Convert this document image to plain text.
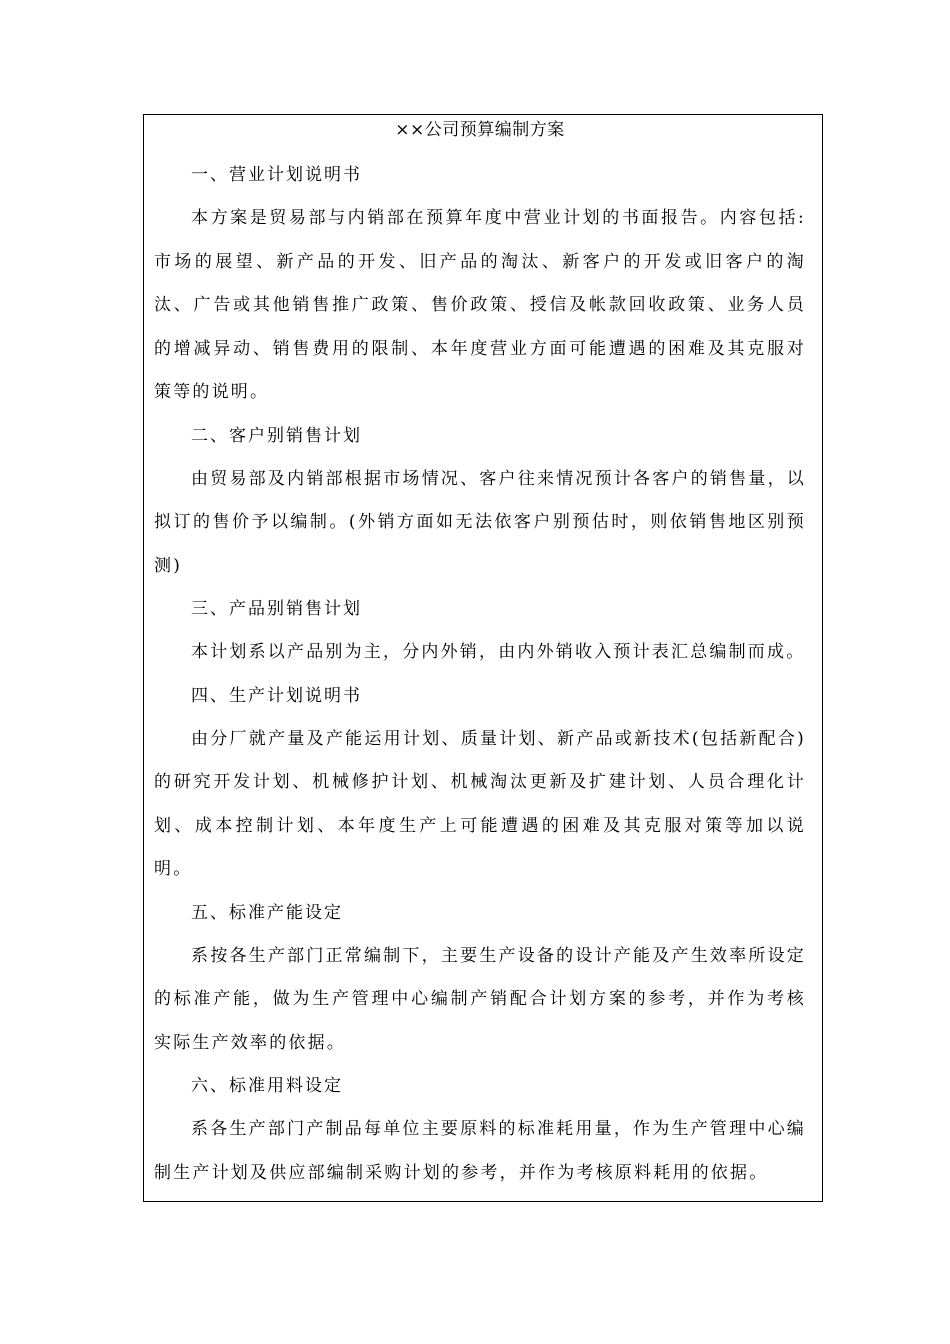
××公司预算编制方案

一、营业计划说明书

本方案是贸易部与内销部在预算年度中营业计划的书面报告。内容包括:市场的展望、新产品的开发、旧产品的淘汰、新客户的开发或旧客户的淘汰、广告或其他销售推广政策、售价政策、授信及帐款回收政策、业务人员的增减异动、销售费用的限制、本年度营业方面可能遭遇的困难及其克服对策等的说明。

二、客户别销售计划

由贸易部及内销部根据市场情况、客户往来情况预计各客户的销售量，以拟订的售价予以编制。(外销方面如无法依客户别预估时，则依销售地区别预测)

三、产品别销售计划

本计划系以产品别为主，分内外销，由内外销收入预计表汇总编制而成。

四、生产计划说明书

由分厂就产量及产能运用计划、质量计划、新产品或新技术(包括新配合)的研究开发计划、机械修护计划、机械淘汰更新及扩建计划、人员合理化计划、成本控制计划、本年度生产上可能遭遇的困难及其克服对策等加以说明。

五、标准产能设定

系按各生产部门正常编制下，主要生产设备的设计产能及产生效率所设定的标准产能，做为生产管理中心编制产销配合计划方案的参考，并作为考核实际生产效率的依据。

六、标准用料设定

系各生产部门产制品每单位主要原料的标准耗用量，作为生产管理中心编制生产计划及供应部编制采购计划的参考，并作为考核原料耗用的依据。
